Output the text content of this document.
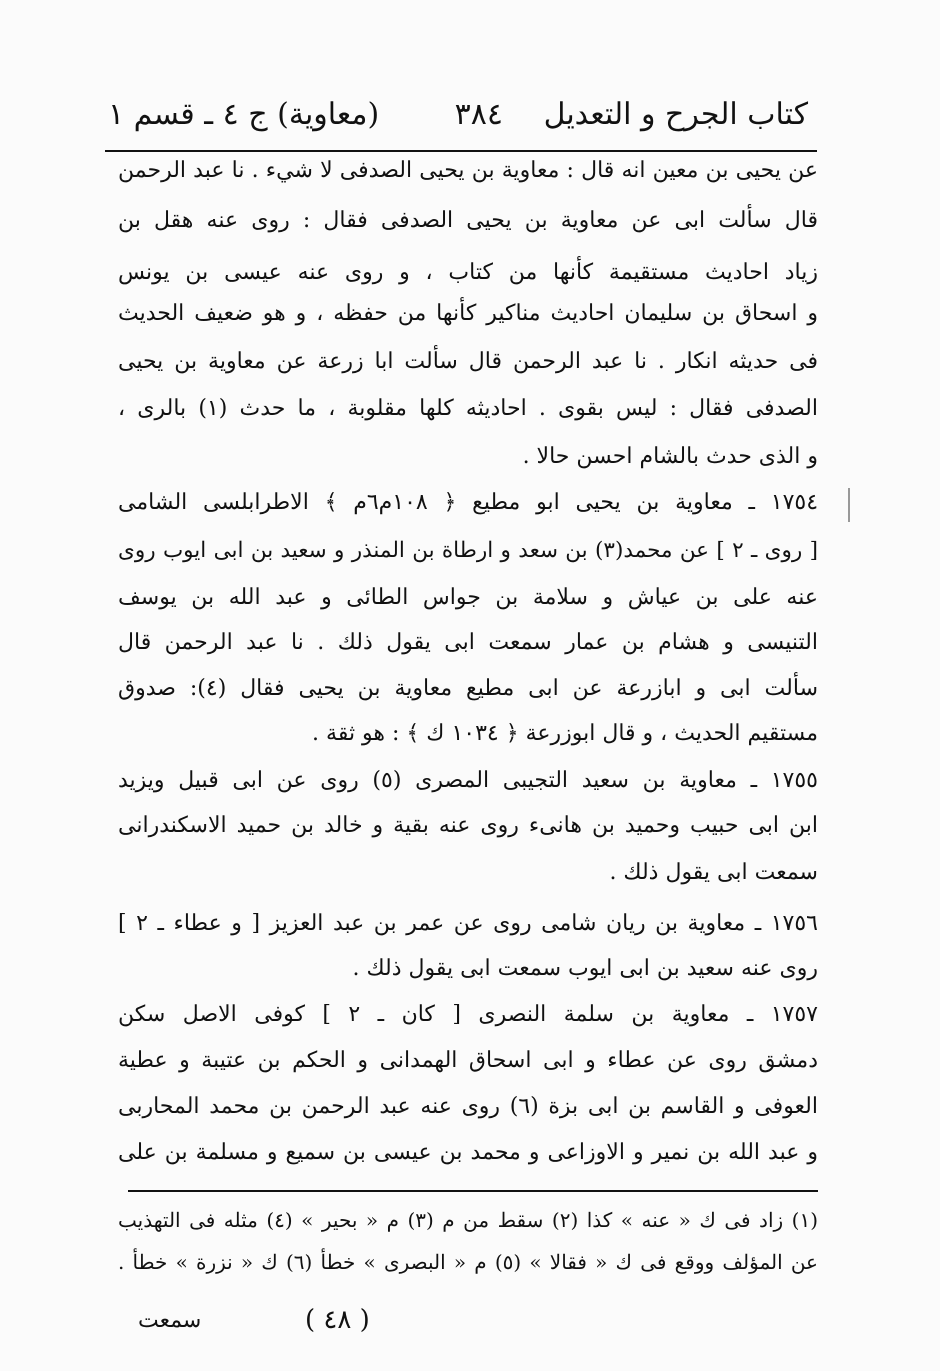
كتاب الجرح و التعديل
٣٨٤
(معاوية) ج ٤ ـ قسم ١
عن يحيى بن معين انه قال : معاوية بن يحيى الصدفى لا شيء . نا عبد الرحمن
قال سألت ابى عن معاوية بن يحيى الصدفى فقال : روى عنه هقل بن
زياد احاديث مستقيمة كأنها من كتاب ، و روى عنه عيسى بن يونس
و اسحاق بن سليمان احاديث مناكير كأنها من حفظه ، و هو ضعيف الحديث
فى حديثه انكار . نا عبد الرحمن قال سألت ابا زرعة عن معاوية بن يحيى
الصدفى فقال : ليس بقوى . احاديثه كلها مقلوبة ، ما حدث (١) بالرى ،
و الذى حدث بالشام احسن حالا .
١٧٥٤ ـ معاوية بن يحيى ابو مطيع ﴿ ١٠٨م٦م ﴾ الاطرابلسى الشامى
[ روى ـ ٢ ] عن محمد(٣) بن سعد و ارطاة بن المنذر و سعيد بن ابى ايوب روى
عنه على بن عياش و سلامة بن جواس الطائى و عبد الله بن يوسف
التنيسى و هشام بن عمار سمعت ابى يقول ذلك . نا عبد الرحمن قال
سألت ابى و ابازرعة عن ابى مطيع معاوية بن يحيى فقال (٤): صدوق
مستقيم الحديث ، و قال ابوزرعة ﴿ ١٠٣٤ ك ﴾ : هو ثقة .
١٧٥٥ ـ معاوية بن سعيد التجيبى المصرى (٥) روى عن ابى قبيل ويزيد
ابن ابى حبيب وحميد بن هانىء روى عنه بقية و خالد بن حميد الاسكندرانى
سمعت ابى يقول ذلك .
١٧٥٦ ـ معاوية بن ريان شامى روى عن عمر بن عبد العزيز [ و عطاء ـ ٢ ]
روى عنه سعيد بن ابى ايوب سمعت ابى يقول ذلك .
١٧٥٧ ـ معاوية بن سلمة النصرى [ كان ـ ٢ ] كوفى الاصل سكن
دمشق روى عن عطاء و ابى اسحاق الهمدانى و الحكم بن عتيبة و عطية
العوفى و القاسم بن ابى بزة (٦) روى عنه عبد الرحمن بن محمد المحاربى
و عبد الله بن نمير و الاوزاعى و محمد بن عيسى بن سميع و مسلمة بن على
(١) زاد فى ك « عنه » كذا (٢) سقط من م (٣) م « بحير » (٤) مثله فى التهذيب
عن المؤلف ووقع فى ك « فقالا » (٥) م « البصرى » خطأ (٦) ك « نزرة » خطأ .
( ٤٨ )
سمعت
